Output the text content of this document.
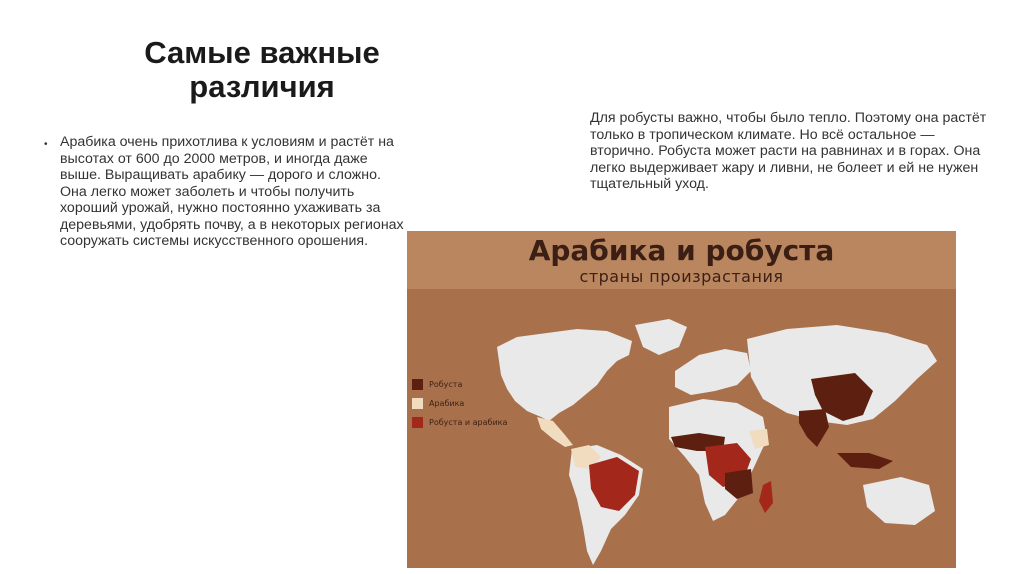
Самые важные различия
• Арабика очень прихотлива к условиям и растёт на высотах от 600 до 2000 метров, и иногда даже выше. Выращивать арабику — дорого и сложно. Она легко может заболеть и чтобы получить хороший урожай, нужно постоянно ухаживать за деревьями, удобрять почву, а в некоторых регионах сооружать системы искусственного орошения.
Для робусты важно, чтобы было тепло. Поэтому она растёт только в тропическом климате. Но всё остальное — вторично. Робуста может расти на равнинах и в горах. Она легко выдерживает жару и ливни, не болеет и ей не нужен тщательный уход.
Арабика и робуста
страны произрастания
Робуста
Арабика
Робуста и арабика
